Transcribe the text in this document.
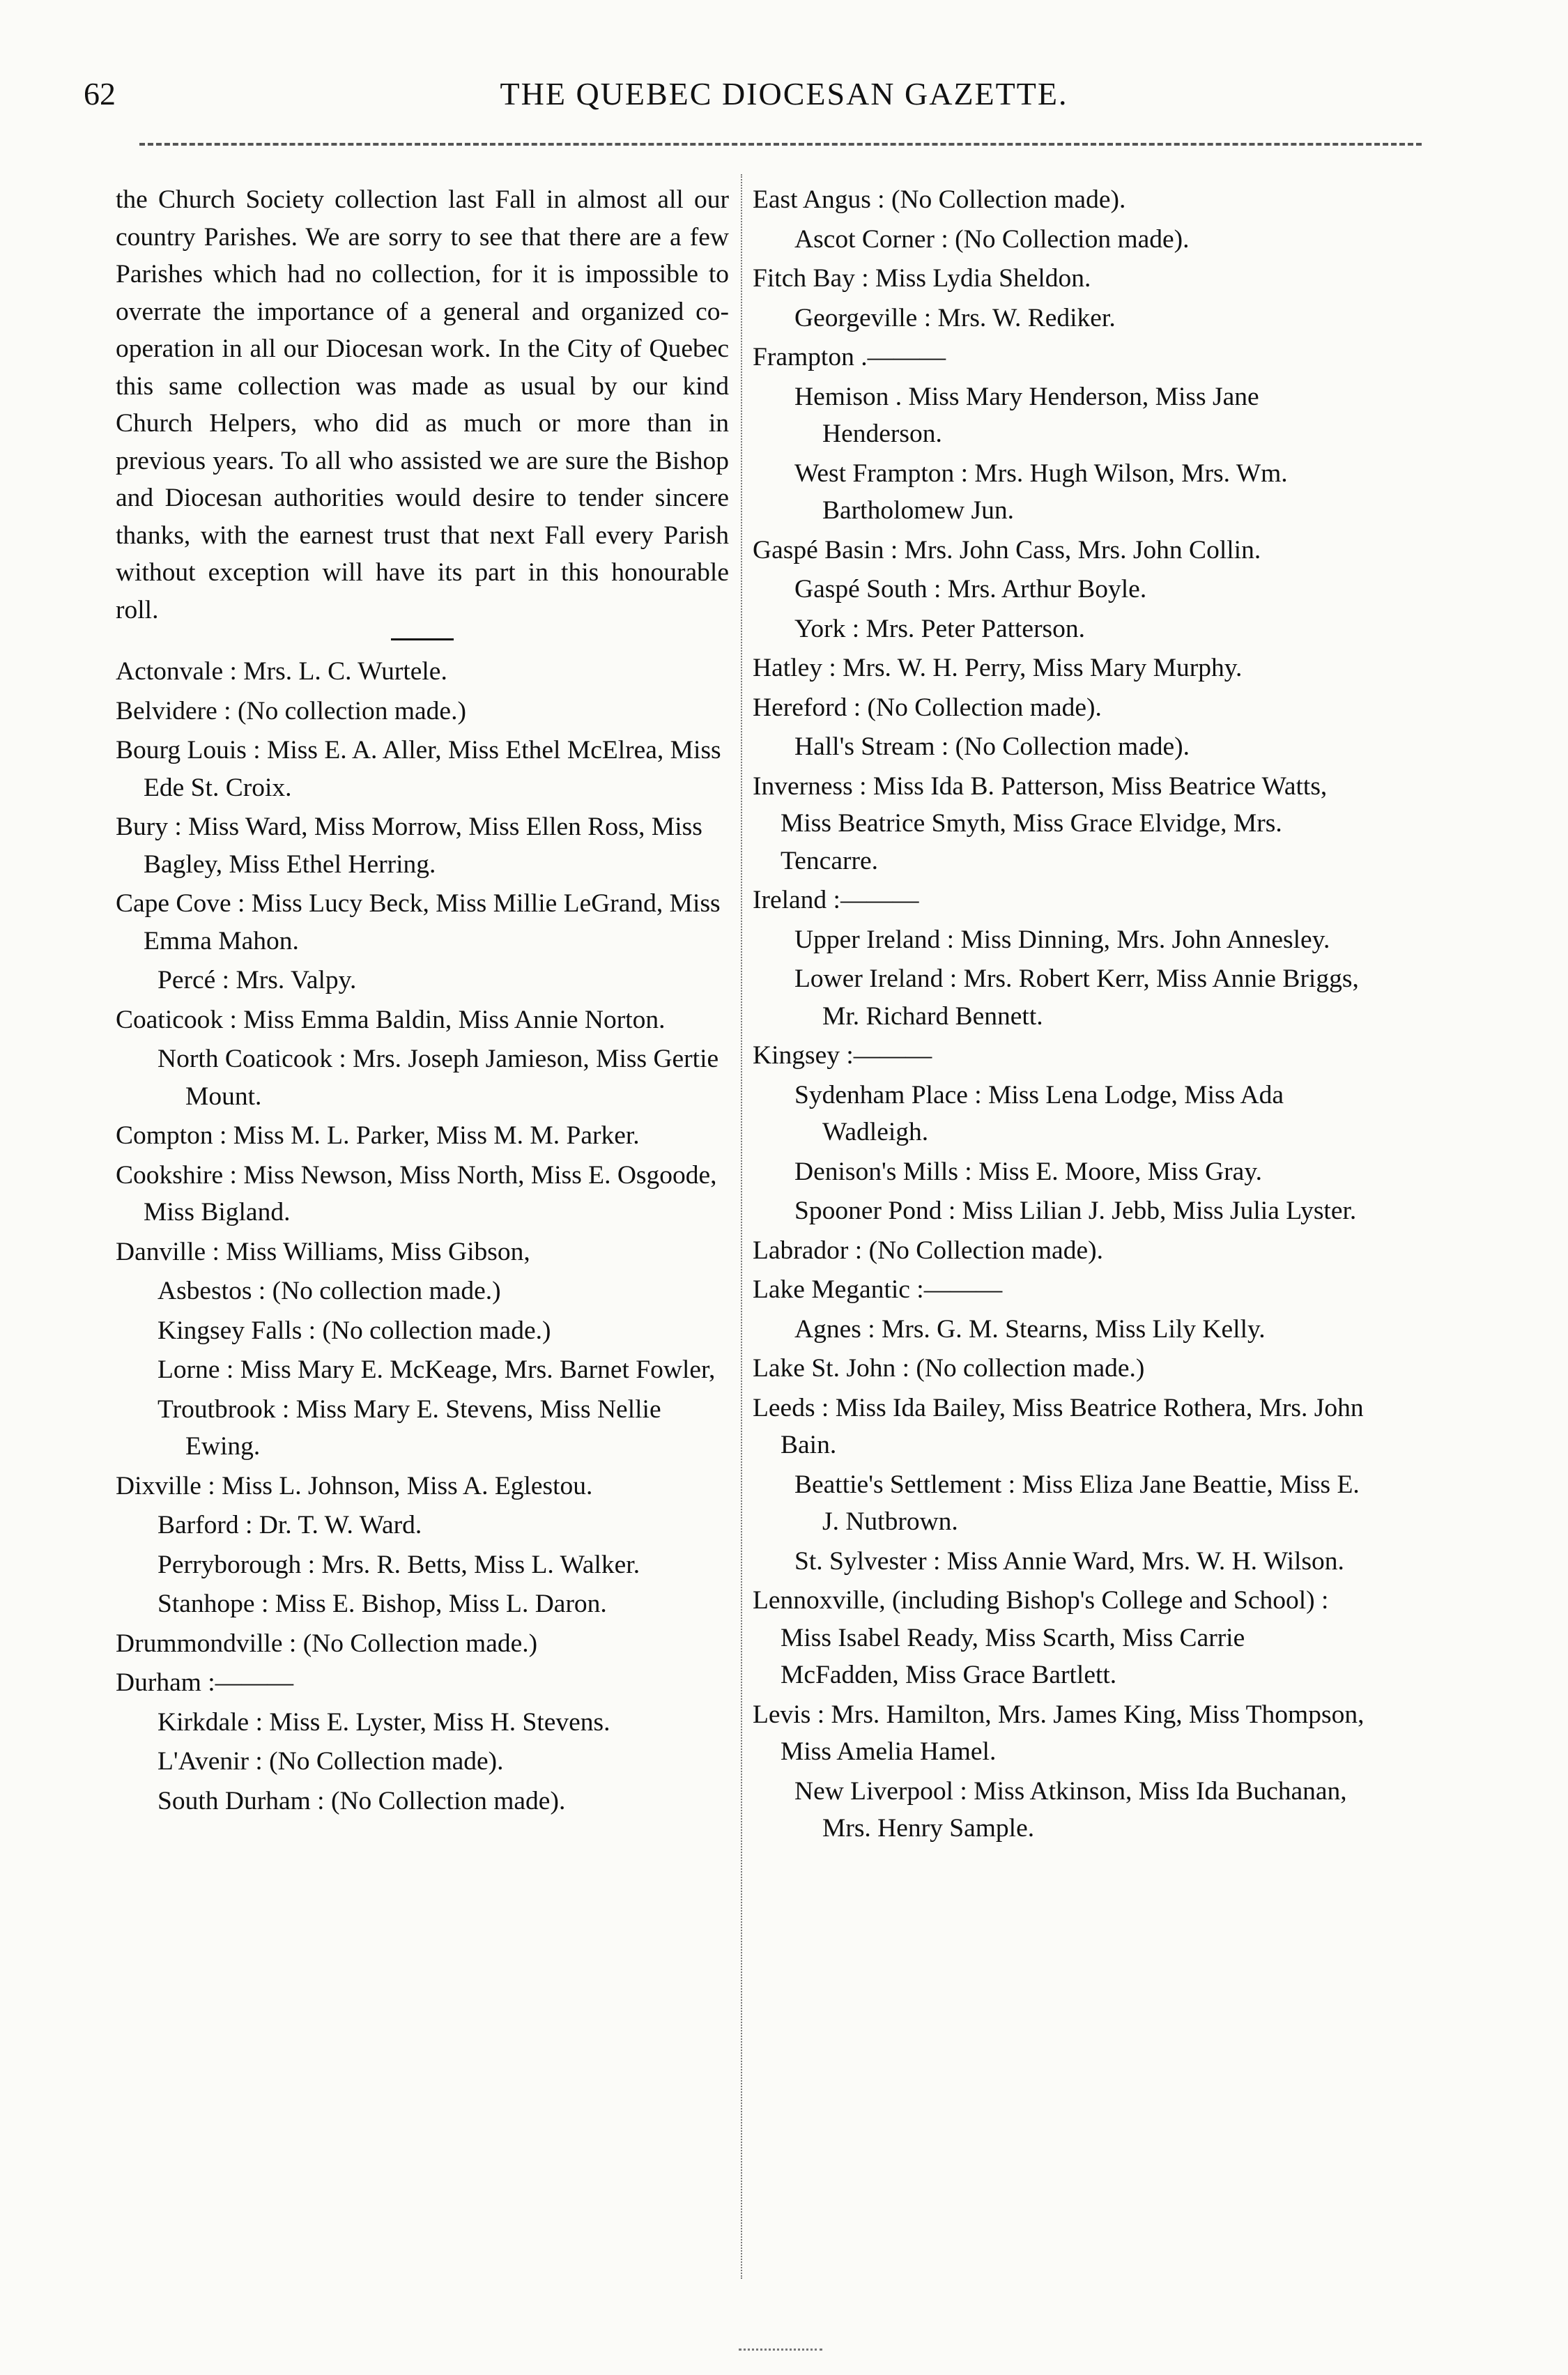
62	THE QUEBEC DIOCESAN GAZETTE.

the Church Society collection last Fall in almost all our country Parishes. We are sorry to see that there are a few Parishes which had no collection, for it is impossible to overrate the importance of a general and organized co-operation in all our Diocesan work. In the City of Quebec this same collection was made as usual by our kind Church Helpers, who did as much or more than in previous years. To all who assisted we are sure the Bishop and Diocesan authorities would desire to tender sincere thanks, with the earnest trust that next Fall every Parish without exception will have its part in this honourable roll.

Actonvale : Mrs. L. C. Wurtele.

Belvidere : (No collection made.)

Bourg Louis : Miss E. A. Aller, Miss Ethel McElrea, Miss Ede St. Croix.

Bury : Miss Ward, Miss Morrow, Miss Ellen Ross, Miss Bagley, Miss Ethel Herring.

Cape Cove : Miss Lucy Beck, Miss Millie LeGrand, Miss Emma Mahon.

Percé : Mrs. Valpy.

Coaticook : Miss Emma Baldin, Miss Annie Norton.

North Coaticook : Mrs. Joseph Jamieson, Miss Gertie Mount.

Compton : Miss M. L. Parker, Miss M. M. Parker.

Cookshire : Miss Newson, Miss North, Miss E. Osgoode, Miss Bigland.

Danville : Miss Williams, Miss Gibson,

Asbestos : (No collection made.)

Kingsey Falls : (No collection made.)

Lorne : Miss Mary E. McKeage, Mrs. Barnet Fowler,

Troutbrook : Miss Mary E. Stevens, Miss Nellie Ewing.

Dixville : Miss L. Johnson, Miss A. Eglestou.

Barford : Dr. T. W. Ward.

Perryborough : Mrs. R. Betts, Miss L. Walker.

Stanhope : Miss E. Bishop, Miss L. Daron.

Drummondville : (No Collection made.)

Durham :———

Kirkdale : Miss E. Lyster, Miss H. Stevens.

L'Avenir : (No Collection made).

South Durham : (No Collection made).

East Angus : (No Collection made).

Ascot Corner : (No Collection made).

Fitch Bay : Miss Lydia Sheldon.

Georgeville : Mrs. W. Rediker.

Frampton .———

Hemison . Miss Mary Henderson, Miss Jane Henderson.

West Frampton : Mrs. Hugh Wilson, Mrs. Wm. Bartholomew Jun.

Gaspé Basin : Mrs. John Cass, Mrs. John Collin.

Gaspé South : Mrs. Arthur Boyle.

York : Mrs. Peter Patterson.

Hatley : Mrs. W. H. Perry, Miss Mary Murphy.

Hereford : (No Collection made).

Hall's Stream : (No Collection made).

Inverness : Miss Ida B. Patterson, Miss Beatrice Watts, Miss Beatrice Smyth, Miss Grace Elvidge, Mrs. Tencarre.

Ireland :———

Upper Ireland : Miss Dinning, Mrs. John Annesley.

Lower Ireland : Mrs. Robert Kerr, Miss Annie Briggs, Mr. Richard Bennett.

Kingsey :———

Sydenham Place : Miss Lena Lodge, Miss Ada Wadleigh.

Denison's Mills : Miss E. Moore, Miss Gray.

Spooner Pond : Miss Lilian J. Jebb, Miss Julia Lyster.

Labrador : (No Collection made).

Lake Megantic :———

Agnes : Mrs. G. M. Stearns, Miss Lily Kelly.

Lake St. John : (No collection made.)

Leeds : Miss Ida Bailey, Miss Beatrice Rothera, Mrs. John Bain.

Beattie's Settlement : Miss Eliza Jane Beattie, Miss E. J. Nutbrown.

St. Sylvester : Miss Annie Ward, Mrs. W. H. Wilson.

Lennoxville, (including Bishop's College and School) : Miss Isabel Ready, Miss Scarth, Miss Carrie McFadden, Miss Grace Bartlett.

Levis : Mrs. Hamilton, Mrs. James King, Miss Thompson, Miss Amelia Hamel.

New Liverpool : Miss Atkinson, Miss Ida Buchanan, Mrs. Henry Sample.
